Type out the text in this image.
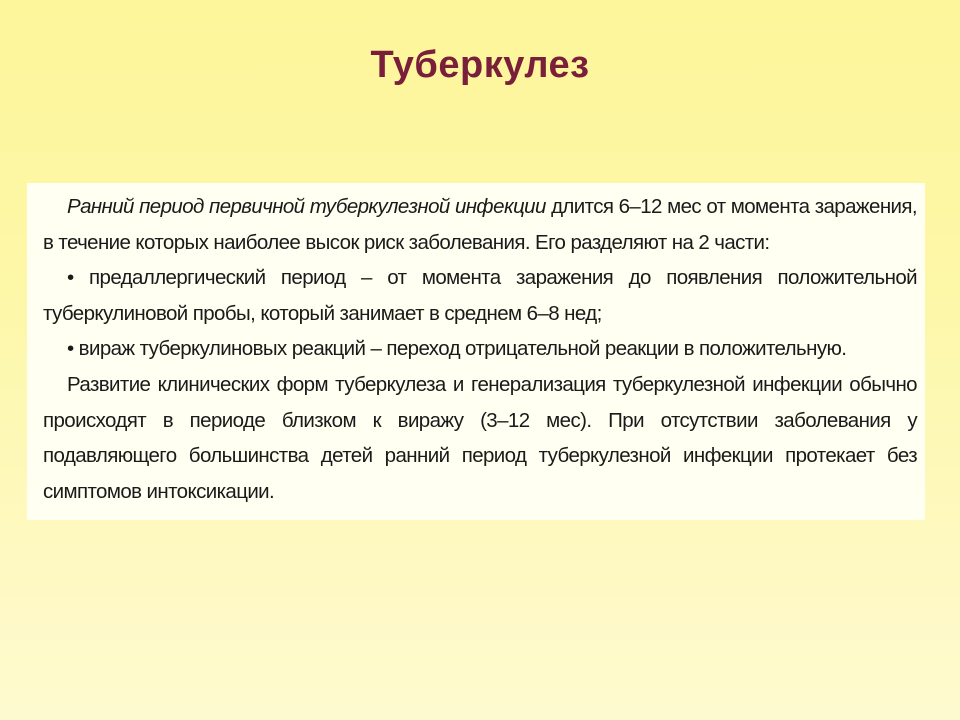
Туберкулез

Ранний период первичной туберкулезной инфекции длится 6–12 мес от момента заражения, в течение которых наиболее высок риск заболевания. Его разделяют на 2 части:

• предаллергический период – от момента заражения до появления положительной туберкулиновой пробы, который занимает в среднем 6–8 нед;

• вираж туберкулиновых реакций – переход отрицательной реакции в положительную.

Развитие клинических форм туберкулеза и генерализация туберкулезной инфекции обычно происходят в периоде близком к виражу (3–12 мес). При отсутствии заболевания у подавляющего большинства детей ранний период туберкулезной инфекции протекает без симптомов интоксикации.
